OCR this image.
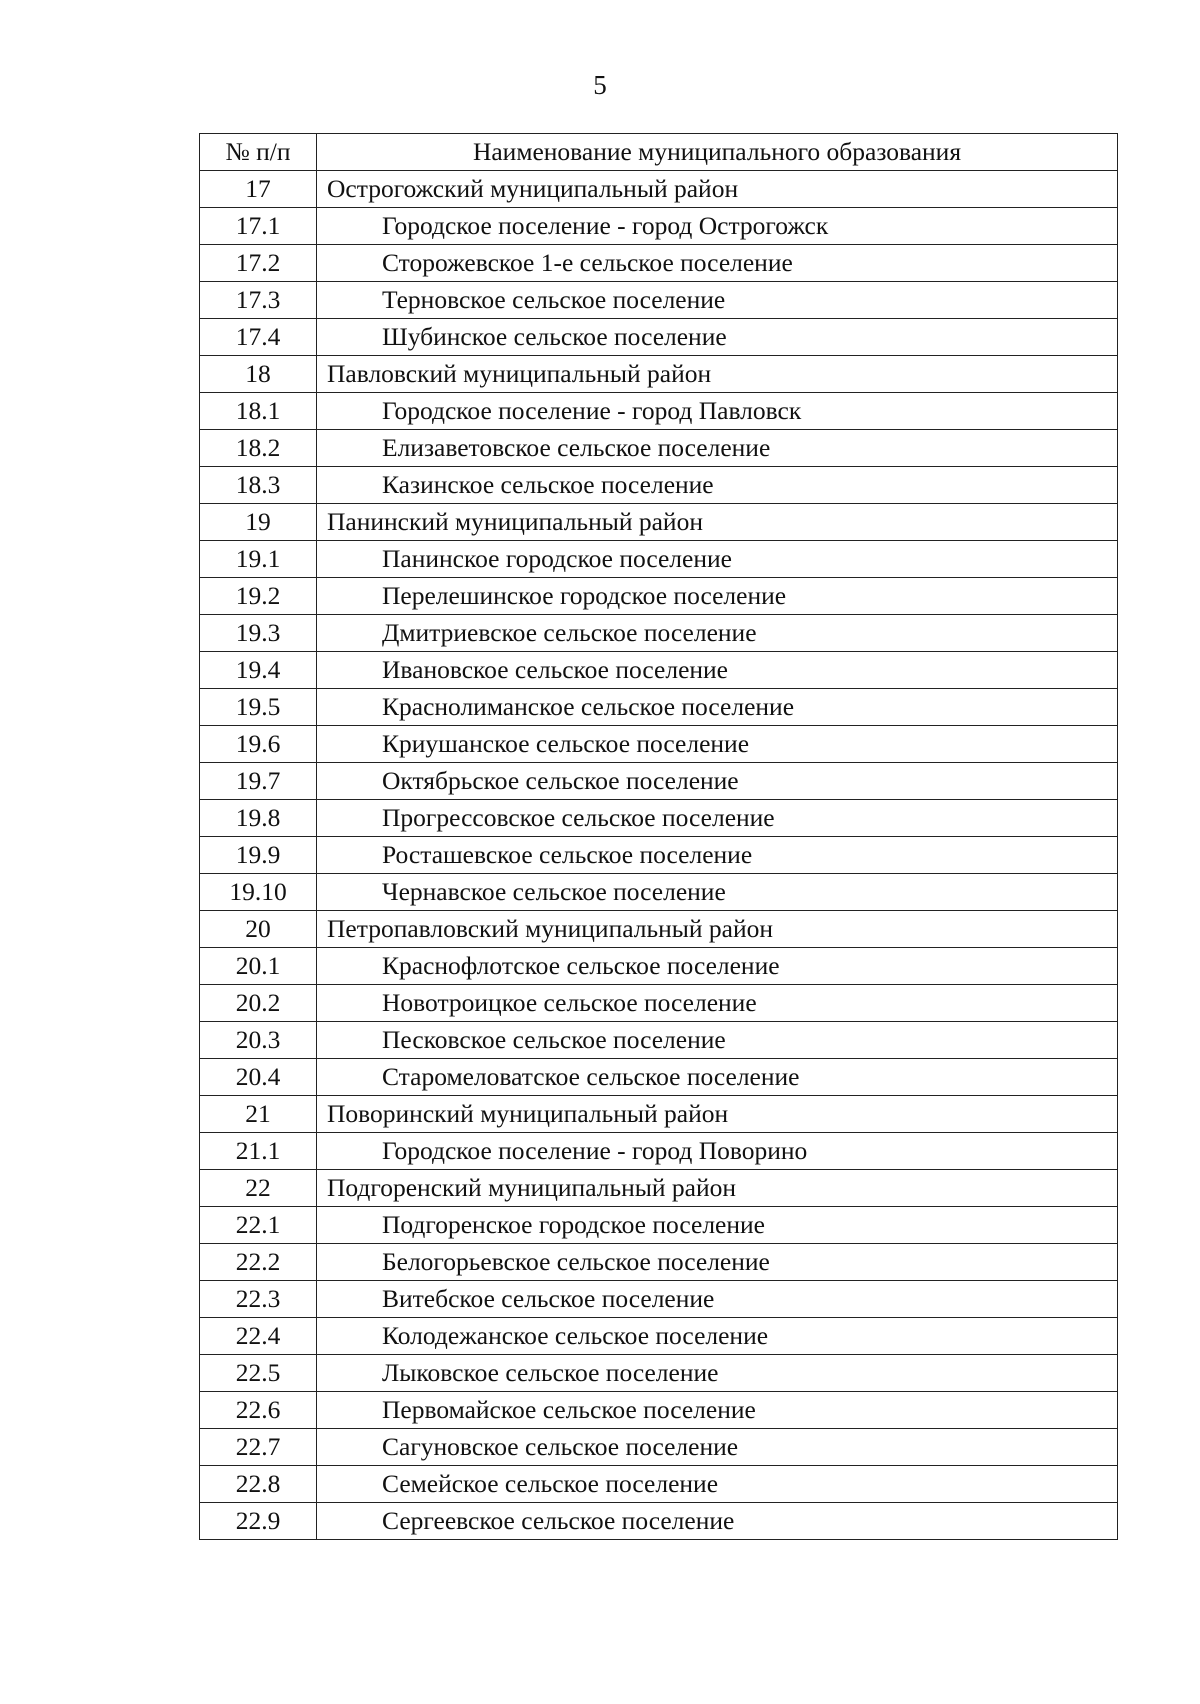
5
№ п/п	Наименование муниципального образования
17	Острогожский муниципальный район
17.1	Городское поселение - город Острогожск
17.2	Сторожевское 1-е сельское поселение
17.3	Терновское сельское поселение
17.4	Шубинское сельское поселение
18	Павловский муниципальный район
18.1	Городское поселение - город Павловск
18.2	Елизаветовское сельское поселение
18.3	Казинское сельское поселение
19	Панинский муниципальный район
19.1	Панинское городское поселение
19.2	Перелешинское городское поселение
19.3	Дмитриевское сельское поселение
19.4	Ивановское сельское поселение
19.5	Краснолиманское сельское поселение
19.6	Криушанское сельское поселение
19.7	Октябрьское сельское поселение
19.8	Прогрессовское сельское поселение
19.9	Росташевское сельское поселение
19.10	Чернавское сельское поселение
20	Петропавловский муниципальный район
20.1	Краснофлотское сельское поселение
20.2	Новотроицкое сельское поселение
20.3	Песковское сельское поселение
20.4	Старомеловатское сельское поселение
21	Поворинский муниципальный район
21.1	Городское поселение - город Поворино
22	Подгоренский муниципальный район
22.1	Подгоренское городское поселение
22.2	Белогорьевское сельское поселение
22.3	Витебское сельское поселение
22.4	Колодежанское сельское поселение
22.5	Лыковское сельское поселение
22.6	Первомайское сельское поселение
22.7	Сагуновское сельское поселение
22.8	Семейское сельское поселение
22.9	Сергеевское сельское поселение
